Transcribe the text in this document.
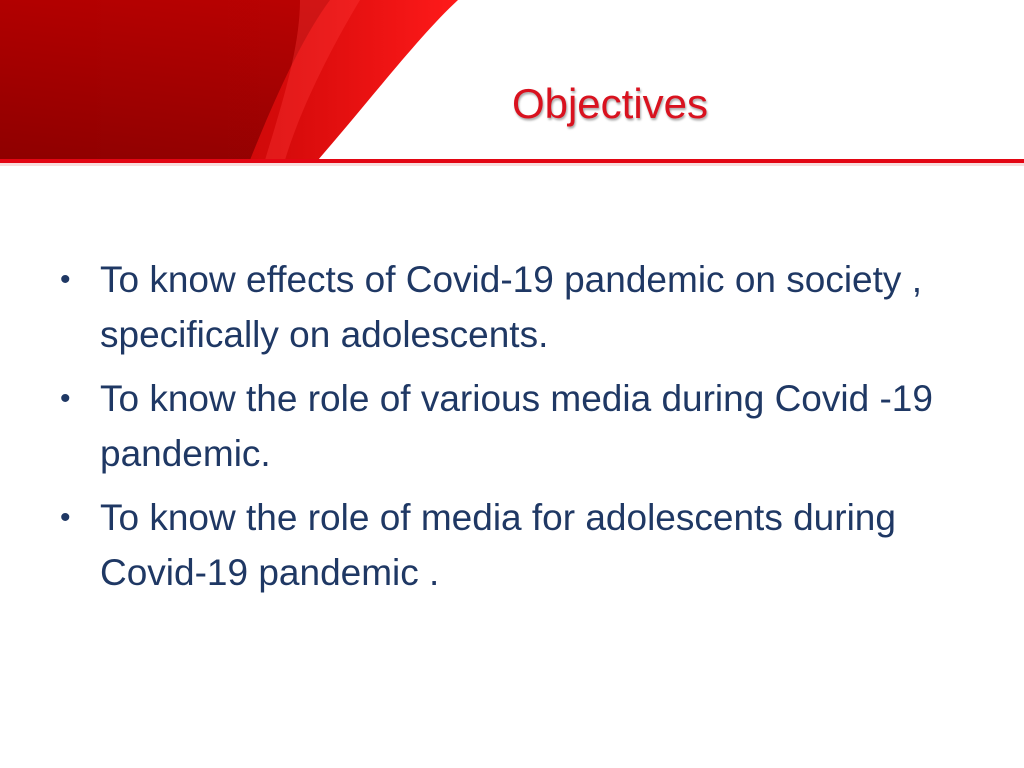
Objectives
• To know effects of Covid-19 pandemic on society , specifically on adolescents.
• To know the role of various media during Covid -19 pandemic.
• To know the role of media for adolescents during Covid-19 pandemic .
